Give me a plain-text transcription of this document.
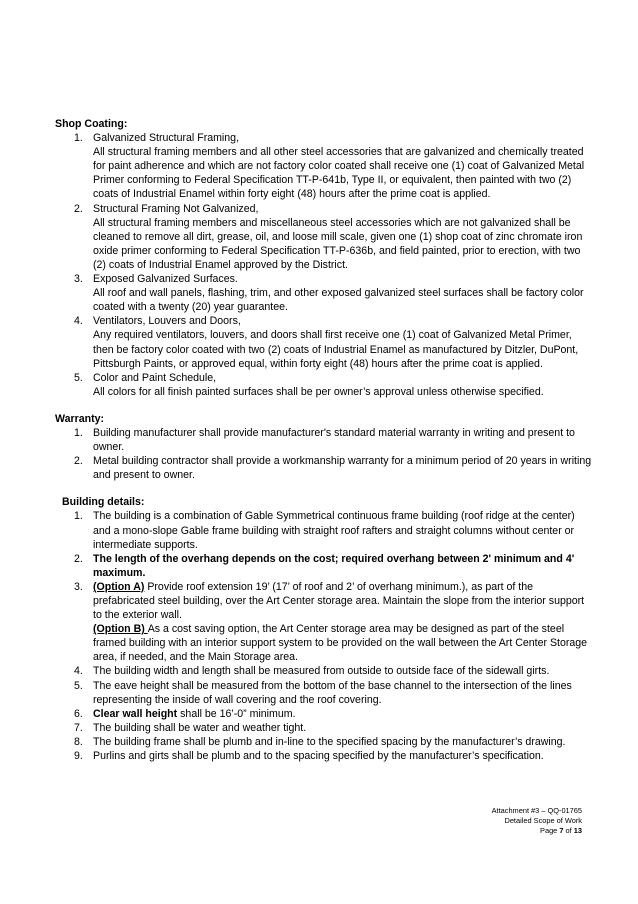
Shop Coating:

1. Galvanized Structural Framing,
All structural framing members and all other steel accessories that are galvanized and chemically treated for paint adherence and which are not factory color coated shall receive one (1) coat of Galvanized Metal Primer conforming to Federal Specification TT-P-641b, Type II, or equivalent, then painted with two (2) coats of Industrial Enamel within forty eight (48) hours after the prime coat is applied.
2. Structural Framing Not Galvanized,
All structural framing members and miscellaneous steel accessories which are not galvanized shall be cleaned to remove all dirt, grease, oil, and loose mill scale, given one (1) shop coat of zinc chromate iron oxide primer conforming to Federal Specification TT-P-636b, and field painted, prior to erection, with two (2) coats of Industrial Enamel approved by the District.
3. Exposed Galvanized Surfaces.
All roof and wall panels, flashing, trim, and other exposed galvanized steel surfaces shall be factory color coated with a twenty (20) year guarantee.
4. Ventilators, Louvers and Doors,
Any required ventilators, louvers, and doors shall first receive one (1) coat of Galvanized Metal Primer, then be factory color coated with two (2) coats of Industrial Enamel as manufactured by Ditzler, DuPont, Pittsburgh Paints, or approved equal, within forty eight (48) hours after the prime coat is applied.
5. Color and Paint Schedule,
All colors for all finish painted surfaces shall be per owner’s approval unless otherwise specified.

Warranty:

1. Building manufacturer shall provide manufacturer's standard material warranty in writing and present to owner.
2. Metal building contractor shall provide a workmanship warranty for a minimum period of 20 years in writing and present to owner.

Building details:

1. The building is a combination of Gable Symmetrical continuous frame building (roof ridge at the center) and a mono-slope Gable frame building with straight roof rafters and straight columns without center or intermediate supports.
2. The length of the overhang depends on the cost; required overhang between 2' minimum and 4' maximum.
3. (Option A) Provide roof extension 19’ (17’ of roof and 2’ of overhang minimum.), as part of the prefabricated steel building, over the Art Center storage area. Maintain the slope from the interior support to the exterior wall.
(Option B) As a cost saving option, the Art Center storage area may be designed as part of the steel framed building with an interior support system to be provided on the wall between the Art Center Storage area, if needed, and the Main Storage area.
4. The building width and length shall be measured from outside to outside face of the sidewall girts.
5. The eave height shall be measured from the bottom of the base channel to the intersection of the lines representing the inside of wall covering and the roof covering.
6. Clear wall height shall be 16’-0” minimum.
7. The building shall be water and weather tight.
8. The building frame shall be plumb and in-line to the specified spacing by the manufacturer’s drawing.
9. Purlins and girts shall be plumb and to the spacing specified by the manufacturer’s specification.
Attachment #3 – QQ-01765
Detailed Scope of Work
Page 7 of 13
